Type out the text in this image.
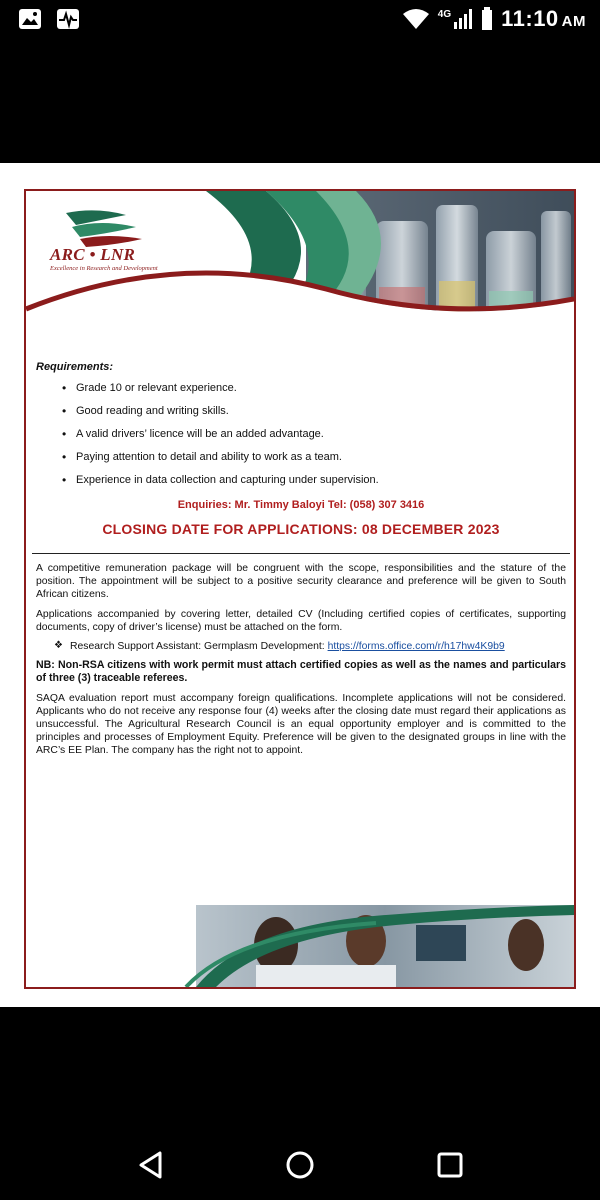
4G 11:10 AM
ARC • LNR
Excellence in Research and Development
Requirements:
• Grade 10 or relevant experience.
• Good reading and writing skills.
• A valid drivers’ licence will be an added advantage.
• Paying attention to detail and ability to work as a team.
• Experience in data collection and capturing under supervision.
Enquiries: Mr. Timmy Baloyi Tel: (058) 307 3416
CLOSING DATE FOR APPLICATIONS: 08 DECEMBER 2023

A competitive remuneration package will be congruent with the scope, responsibilities and the stature of the position. The appointment will be subject to a positive security clearance and preference will be given to South African citizens.

Applications accompanied by covering letter, detailed CV (Including certified copies of certificates, supporting documents, copy of driver’s license) must be attached on the form.

❖ Research Support Assistant: Germplasm Development: https://forms.office.com/r/h17hw4K9b9

NB: Non-RSA citizens with work permit must attach certified copies as well as the names and particulars of three (3) traceable referees.

SAQA evaluation report must accompany foreign qualifications. Incomplete applications will not be considered. Applicants who do not receive any response four (4) weeks after the closing date must regard their applications as unsuccessful. The Agricultural Research Council is an equal opportunity employer and is committed to the principles and processes of Employment Equity. Preference will be given to the designated groups in line with the ARC’s EE Plan. The company has the right not to appoint.
